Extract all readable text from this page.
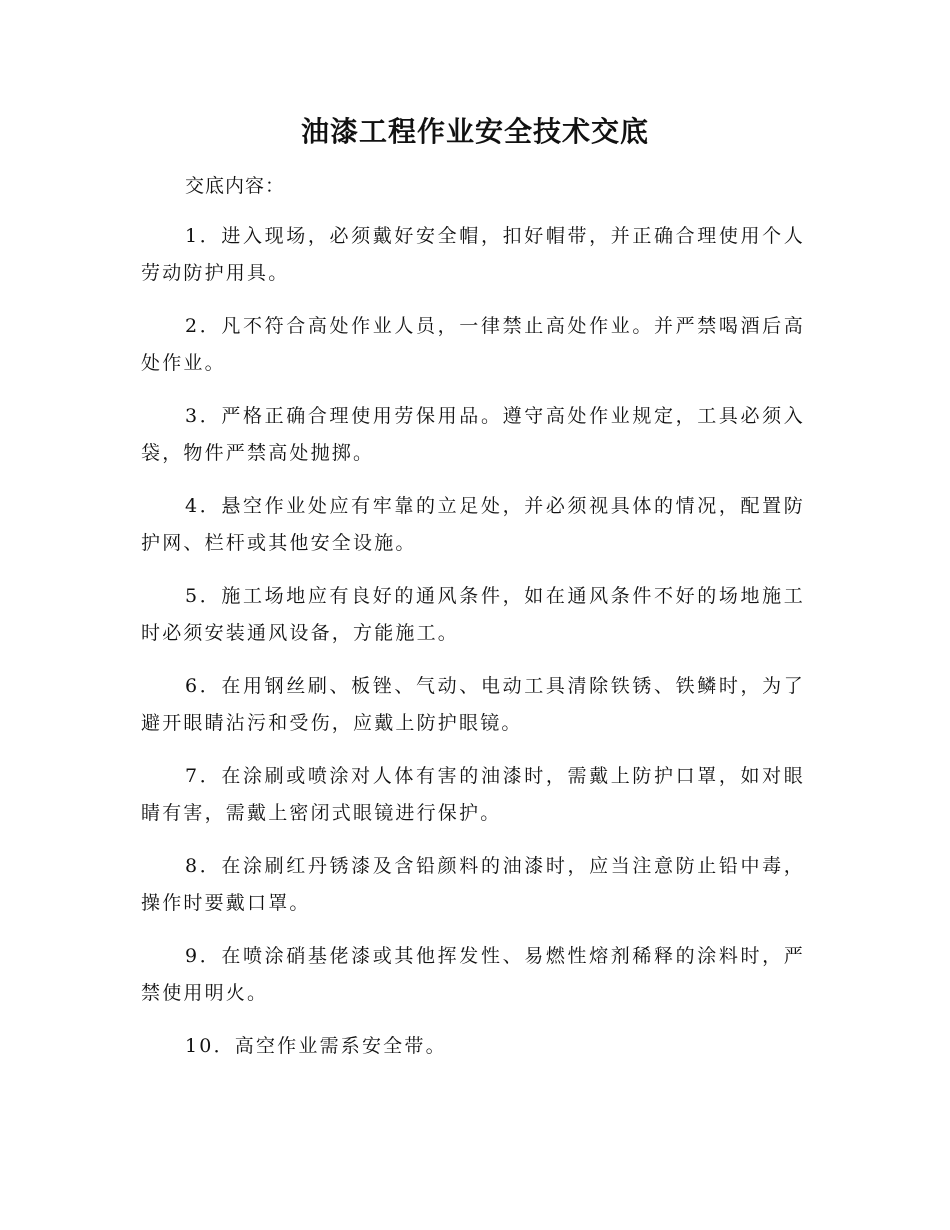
油漆工程作业安全技术交底

交底内容：

1．进入现场，必须戴好安全帽，扣好帽带，并正确合理使用个人劳动防护用具。

2．凡不符合高处作业人员，一律禁止高处作业。并严禁喝酒后高处作业。

3．严格正确合理使用劳保用品。遵守高处作业规定，工具必须入袋，物件严禁高处抛掷。

4．悬空作业处应有牢靠的立足处，并必须视具体的情况，配置防护网、栏杆或其他安全设施。

5．施工场地应有良好的通风条件，如在通风条件不好的场地施工时必须安装通风设备，方能施工。

6．在用钢丝刷、板锉、气动、电动工具清除铁锈、铁鳞时，为了避开眼睛沾污和受伤，应戴上防护眼镜。

7．在涂刷或喷涂对人体有害的油漆时，需戴上防护口罩，如对眼睛有害，需戴上密闭式眼镜进行保护。

8．在涂刷红丹锈漆及含铅颜料的油漆时，应当注意防止铅中毒，操作时要戴口罩。

9．在喷涂硝基佬漆或其他挥发性、易燃性熔剂稀释的涂料时，严禁使用明火。

10．高空作业需系安全带。
